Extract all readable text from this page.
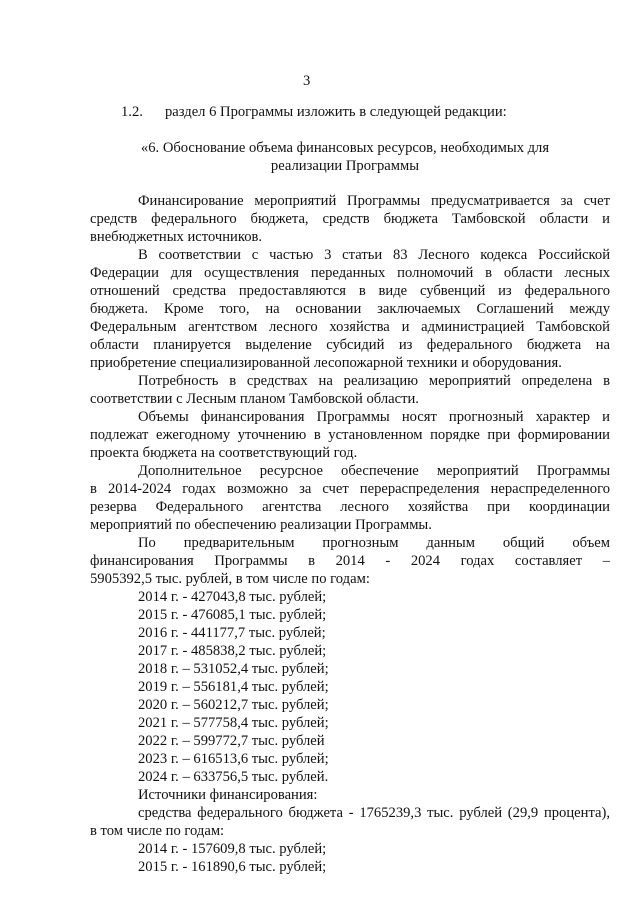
3
1.2. раздел 6 Программы изложить в следующей редакции:
«6. Обоснование объема финансовых ресурсов, необходимых для
реализации Программы
Финансирование мероприятий Программы предусматривается за счет
средств федерального бюджета, средств бюджета Тамбовской области и
внебюджетных источников.
В соответствии с частью 3 статьи 83 Лесного кодекса Российской
Федерации для осуществления переданных полномочий в области лесных
отношений средства предоставляются в виде субвенций из федерального
бюджета. Кроме того, на основании заключаемых Соглашений между
Федеральным агентством лесного хозяйства и администрацией Тамбовской
области планируется выделение субсидий из федерального бюджета на
приобретение специализированной лесопожарной техники и оборудования.
Потребность в средствах на реализацию мероприятий определена в
соответствии с Лесным планом Тамбовской области.
Объемы финансирования Программы носят прогнозный характер и
подлежат ежегодному уточнению в установленном порядке при формировании
проекта бюджета на соответствующий год.
Дополнительное ресурсное обеспечение мероприятий Программы
в 2014-2024 годах возможно за счет перераспределения нераспределенного
резерва Федерального агентства лесного хозяйства при координации
мероприятий по обеспечению реализации Программы.
По предварительным прогнозным данным общий объем
финансирования Программы в 2014 - 2024 годах составляет –
5905392,5 тыс. рублей, в том числе по годам:
2014 г. - 427043,8 тыс. рублей;
2015 г. - 476085,1 тыс. рублей;
2016 г. - 441177,7 тыс. рублей;
2017 г. - 485838,2 тыс. рублей;
2018 г. – 531052,4 тыс. рублей;
2019 г. – 556181,4 тыс. рублей;
2020 г. – 560212,7 тыс. рублей;
2021 г. – 577758,4 тыс. рублей;
2022 г. – 599772,7 тыс. рублей
2023 г. – 616513,6 тыс. рублей;
2024 г. – 633756,5 тыс. рублей.
Источники финансирования:
средства федерального бюджета - 1765239,3 тыс. рублей (29,9 процента),
в том числе по годам:
2014 г. - 157609,8 тыс. рублей;
2015 г. - 161890,6 тыс. рублей;
